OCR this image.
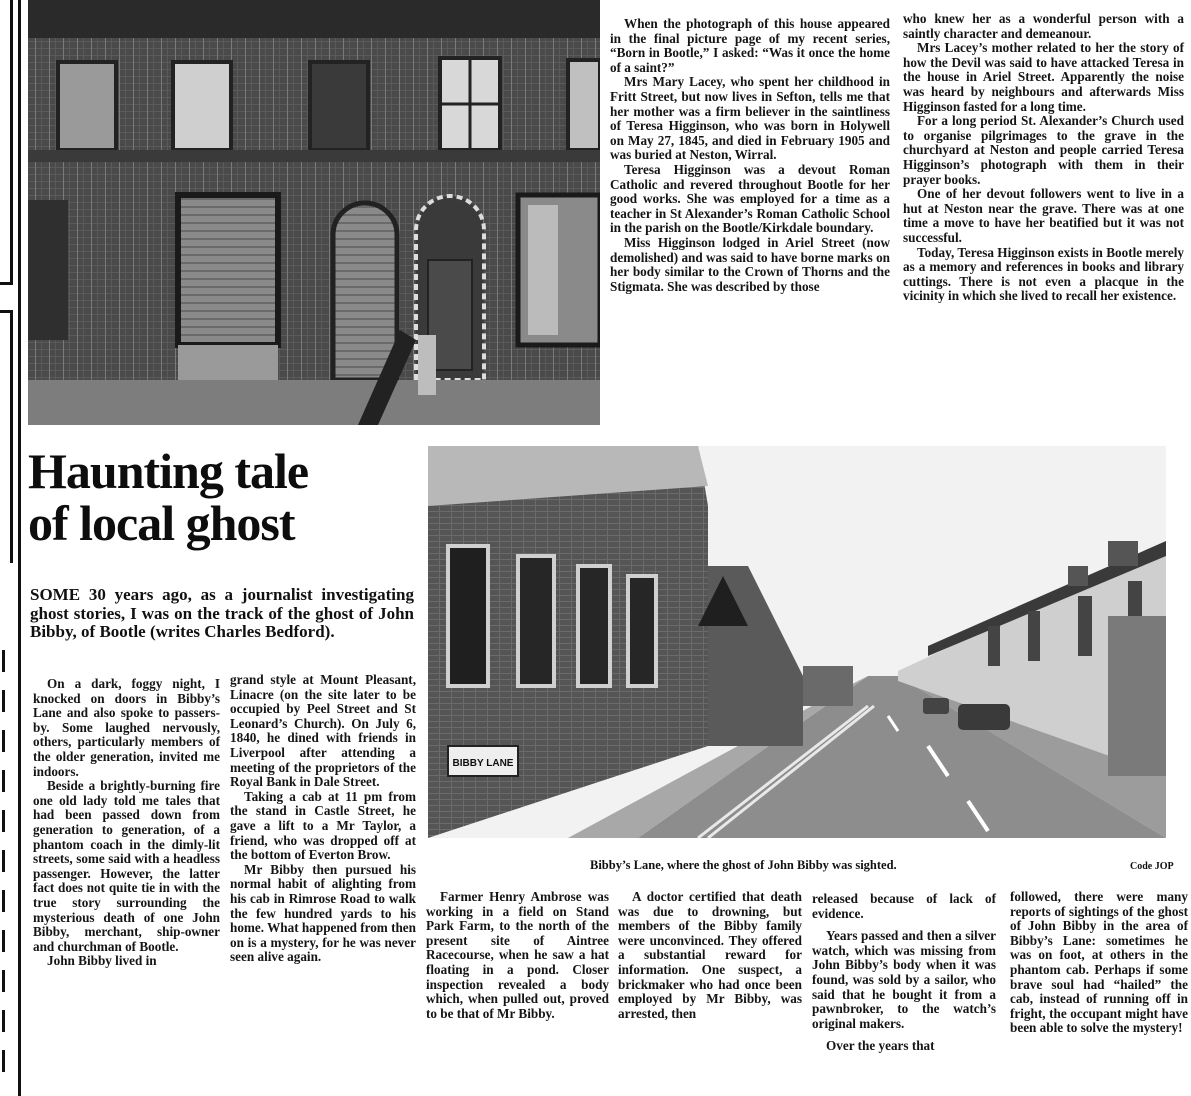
When the photograph of this house appeared in the final picture page of my recent series, “Born in Bootle,” I asked: “Was it once the home of a saint?”

Mrs Mary Lacey, who spent her childhood in Fritt Street, but now lives in Sefton, tells me that her mother was a firm believer in the saintliness of Teresa Higginson, who was born in Holywell on May 27, 1845, and died in February 1905 and was buried at Neston, Wirral.

Teresa Higginson was a devout Roman Catholic and revered throughout Bootle for her good works. She was employed for a time as a teacher in St Alexander’s Roman Catholic School in the parish on the Bootle/Kirkdale boundary.

Miss Higginson lodged in Ariel Street (now demolished) and was said to have borne marks on her body similar to the Crown of Thorns and the Stigmata. She was described by those

who knew her as a wonderful person with a saintly character and demeanour.

Mrs Lacey’s mother related to her the story of how the Devil was said to have attacked Teresa in the house in Ariel Street. Apparently the noise was heard by neighbours and afterwards Miss Higginson fasted for a long time.

For a long period St. Alexander’s Church used to organise pilgrimages to the grave in the churchyard at Neston and people carried Teresa Higginson’s photograph with them in their prayer books.

One of her devout followers went to live in a hut at Neston near the grave. There was at one time a move to have her beatified but it was not successful.

Today, Teresa Higginson exists in Bootle merely as a memory and references in books and library cuttings. There is not even a placque in the vicinity in which she lived to recall her existence.

Haunting tale
of local ghost
SOME 30 years ago, as a journalist investigating ghost stories, I was on the track of the ghost of John Bibby, of Bootle (writes Charles Bedford).
BIBBY LANE
Bibby’s Lane, where the ghost of John Bibby was sighted.	Code JOP

On a dark, foggy night, I knocked on doors in Bibby’s Lane and also spoke to passers-by. Some laughed nervously, others, particularly members of the older generation, invited me indoors.

Beside a brightly-burning fire one old lady told me tales that had been passed down from generation to generation, of a phantom coach in the dimly-lit streets, some said with a headless passenger. However, the latter fact does not quite tie in with the true story surrounding the mysterious death of one John Bibby, merchant, ship-owner and churchman of Bootle.

John Bibby lived in

grand style at Mount Pleasant, Linacre (on the site later to be occupied by Peel Street and St Leonard’s Church). On July 6, 1840, he dined with friends in Liverpool after attending a meeting of the proprietors of the Royal Bank in Dale Street.

Taking a cab at 11 pm from the stand in Castle Street, he gave a lift to a Mr Taylor, a friend, who was dropped off at the bottom of Everton Brow.

Mr Bibby then pursued his normal habit of alighting from his cab in Rimrose Road to walk the few hundred yards to his home. What happened from then on is a mystery, for he was never seen alive again.

Farmer Henry Ambrose was working in a field on Stand Park Farm, to the north of the present site of Aintree Racecourse, when he saw a hat floating in a pond. Closer inspection revealed a body which, when pulled out, proved to be that of Mr Bibby.

A doctor certified that death was due to drowning, but members of the Bibby family were unconvinced. They offered a substantial reward for information. One suspect, a brickmaker who had once been employed by Mr Bibby, was arrested, then

released because of lack of evidence.

Years passed and then a silver watch, which was missing from John Bibby’s body when it was found, was sold by a sailor, who said that he bought it from a pawnbroker, to the watch’s original makers.

Over the years that

followed, there were many reports of sightings of the ghost of John Bibby in the area of Bibby’s Lane: sometimes he was on foot, at others in the phantom cab. Perhaps if some brave soul had “hailed” the cab, instead of running off in fright, the occupant might have been able to solve the mystery!
